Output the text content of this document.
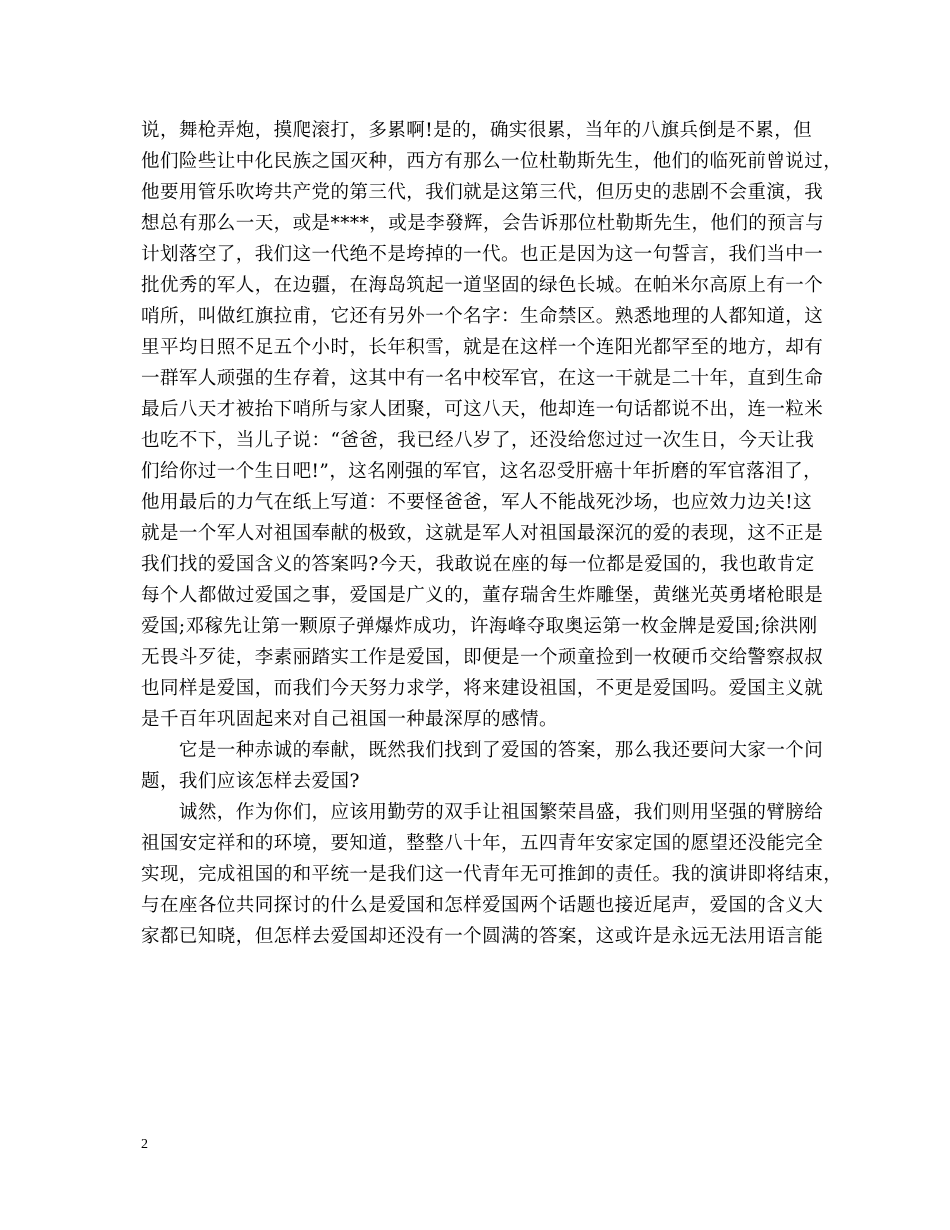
说，舞枪弄炮，摸爬滚打，多累啊!是的，确实很累，当年的八旗兵倒是不累，但
他们险些让中化民族之国灭种，西方有那么一位杜勒斯先生，他们的临死前曾说过，
他要用管乐吹垮共产党的第三代，我们就是这第三代，但历史的悲剧不会重演，我
想总有那么一天，或是****，或是李發辉，会告诉那位杜勒斯先生，他们的预言与
计划落空了，我们这一代绝不是垮掉的一代。也正是因为这一句誓言，我们当中一
批优秀的军人，在边疆，在海岛筑起一道坚固的绿色长城。在帕米尔高原上有一个
哨所，叫做红旗拉甫，它还有另外一个名字：生命禁区。熟悉地理的人都知道，这
里平均日照不足五个小时，长年积雪，就是在这样一个连阳光都罕至的地方，却有
一群军人顽强的生存着，这其中有一名中校军官，在这一干就是二十年，直到生命
最后八天才被抬下哨所与家人团聚，可这八天，他却连一句话都说不出，连一粒米
也吃不下，当儿子说：“爸爸，我已经八岁了，还没给您过过一次生日，今天让我
们给你过一个生日吧!”，这名刚强的军官，这名忍受肝癌十年折磨的军官落泪了，
他用最后的力气在纸上写道：不要怪爸爸，军人不能战死沙场，也应效力边关!这
就是一个军人对祖国奉献的极致，这就是军人对祖国最深沉的爱的表现，这不正是
我们找的爱国含义的答案吗?今天，我敢说在座的每一位都是爱国的，我也敢肯定
每个人都做过爱国之事，爱国是广义的，董存瑞舍生炸雕堡，黄继光英勇堵枪眼是
爱国;邓稼先让第一颗原子弹爆炸成功，许海峰夺取奥运第一枚金牌是爱国;徐洪刚
无畏斗歹徒，李素丽踏实工作是爱国，即便是一个顽童捡到一枚硬币交给警察叔叔
也同样是爱国，而我们今天努力求学，将来建设祖国，不更是爱国吗。爱国主义就
是千百年巩固起来对自己祖国一种最深厚的感情。
　　它是一种赤诚的奉献，既然我们找到了爱国的答案，那么我还要问大家一个问
题，我们应该怎样去爱国?
　　诚然，作为你们，应该用勤劳的双手让祖国繁荣昌盛，我们则用坚强的臂膀给
祖国安定祥和的环境，要知道，整整八十年，五四青年安家定国的愿望还没能完全
实现，完成祖国的和平统一是我们这一代青年无可推卸的责任。我的演讲即将结束，
与在座各位共同探讨的什么是爱国和怎样爱国两个话题也接近尾声，爱国的含义大
家都已知晓，但怎样去爱国却还没有一个圆满的答案，这或许是永远无法用语言能
2
